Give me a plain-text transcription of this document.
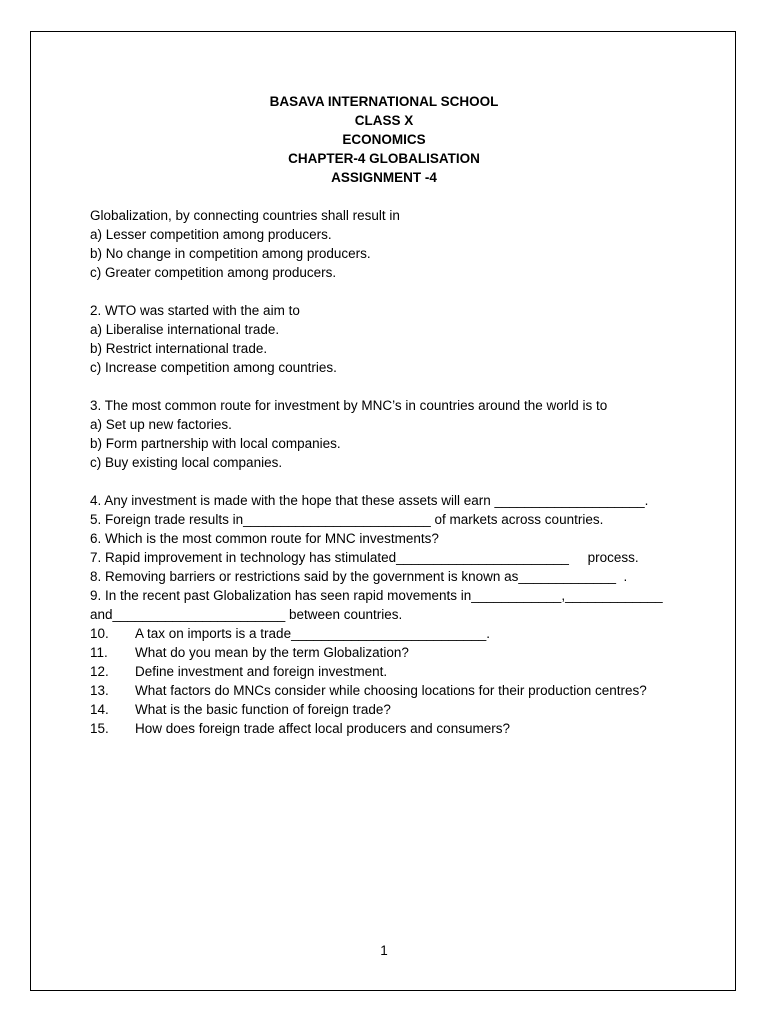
BASAVA INTERNATIONAL SCHOOL
CLASS X
ECONOMICS
CHAPTER-4 GLOBALISATION
ASSIGNMENT -4
Globalization, by connecting countries shall result in
a) Lesser competition among producers.
b) No change in competition among producers.
c) Greater competition among producers.
2. WTO was started with the aim to
a) Liberalise international trade.
b) Restrict international trade.
c) Increase competition among countries.
3. The most common route for investment by MNC’s in countries around the world is to
a) Set up new factories.
b) Form partnership with local companies.
c) Buy existing local companies.
4. Any investment is made with the hope that these assets will earn ____________________.
5. Foreign trade results in_________________________ of markets across countries.
6. Which is the most common route for MNC investments?
7. Rapid improvement in technology has stimulated_______________________     process.
8. Removing barriers or restrictions said by the government is known as_____________  .
9. In the recent past Globalization has seen rapid movements in____________,_____________
and_______________________ between countries.
10. A tax on imports is a trade__________________________.
11. What do you mean by the term Globalization?
12. Define investment and foreign investment.
13. What factors do MNCs consider while choosing locations for their production centres?
14. What is the basic function of foreign trade?
15. How does foreign trade affect local producers and consumers?
1
